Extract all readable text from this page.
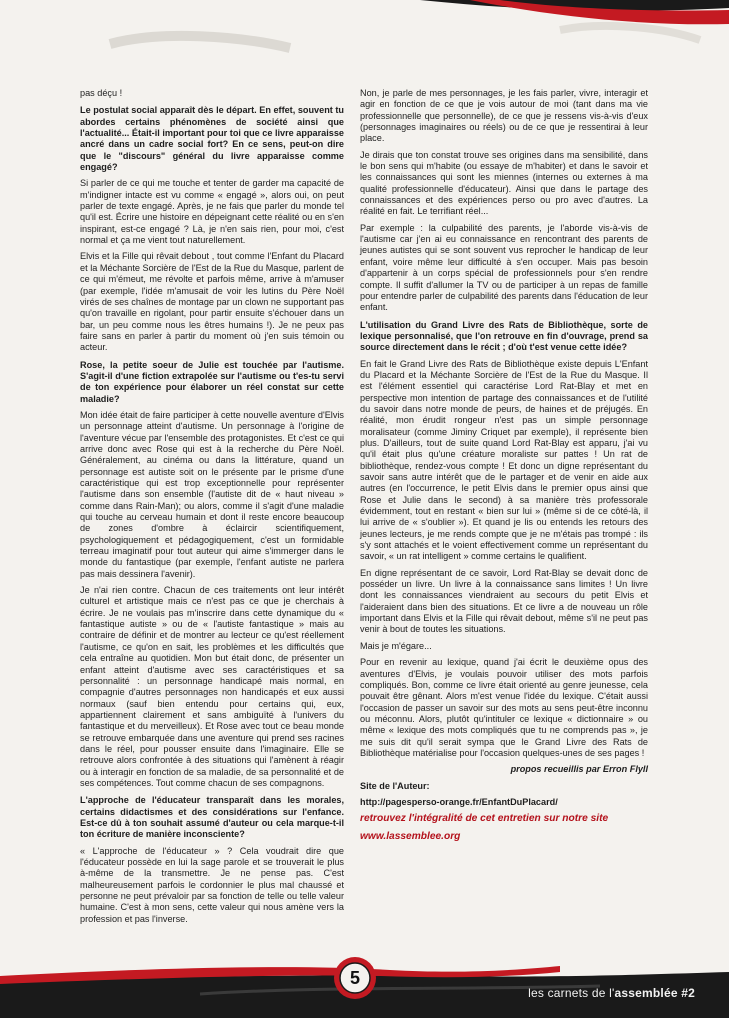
pas déçu !

Le postulat social apparaît dès le départ. En effet, souvent tu abordes certains phénomènes de société ainsi que l'actualité... Était-il important pour toi que ce livre apparaisse ancré dans un cadre social fort? En ce sens, peut-on dire que le "discours" général du livre apparaisse comme engagé?

Si parler de ce qui me touche et tenter de garder ma capacité de m'indigner intacte est vu comme « engagé », alors oui, on peut parler de texte engagé. Après, je ne fais que parler du monde tel qu'il est. Écrire une histoire en dépeignant cette réalité ou en s'en inspirant, est-ce engagé ? Là, je n'en sais rien, pour moi, c'est normal et ça me vient tout naturellement.

Elvis et la Fille qui rêvait debout , tout comme l'Enfant du Placard et la Méchante Sorcière de l'Est de la Rue du Masque, parlent de ce qui m'émeut, me révolte et parfois même, arrive à m'amuser (par exemple, l'idée m'amusait de voir les lutins du Père Noël virés de ses chaînes de montage par un clown ne supportant pas qu'on travaille en rigolant, pour partir ensuite s'échouer dans un bar, un peu comme nous les êtres humains !). Je ne peux pas faire sans en parler à partir du moment où j'en suis témoin ou acteur.

Rose, la petite soeur de Julie est touchée par l'autisme. S'agit-il d'une fiction extrapolée sur l'autisme ou t'es-tu servi de ton expérience pour élaborer un réel constat sur cette maladie?

Mon idée était de faire participer à cette nouvelle aventure d'Elvis un personnage atteint d'autisme. Un personnage à l'origine de l'aventure vécue par l'ensemble des protagonistes. Et c'est ce qui arrive donc avec Rose qui est à la recherche du Père Noël. Généralement, au cinéma ou dans la littérature, quand un personnage est autiste soit on le présente par le prisme d'une caractéristique qui est trop exceptionnelle pour représenter l'autisme dans son ensemble (l'autiste dit de « haut niveau » comme dans Rain-Man); ou alors, comme il s'agit d'une maladie qui touche au cerveau humain et dont il reste encore beaucoup de zones d'ombre à éclaircir scientifiquement, psychologiquement et pédagogiquement, c'est un formidable terreau imaginatif pour tout auteur qui aime s'immerger dans le monde du fantastique (par exemple, l'enfant autiste ne parlera pas mais dessinera l'avenir).

Je n'ai rien contre. Chacun de ces traitements ont leur intérêt culturel et artistique mais ce n'est pas ce que je cherchais à écrire. Je ne voulais pas m'inscrire dans cette dynamique du « fantastique autiste » ou de « l'autiste fantastique » mais au contraire de définir et de montrer au lecteur ce qu'est réellement l'autisme, ce qu'on en sait, les problèmes et les difficultés que cela entraîne au quotidien. Mon but était donc, de présenter un enfant atteint d'autisme avec ses caractéristiques et sa personnalité : un personnage handicapé mais normal, en compagnie d'autres personnages non handicapés et eux aussi normaux (sauf bien entendu pour certains qui, eux, appartiennent clairement et sans ambiguïté à l'univers du fantastique et du merveilleux). Et Rose avec tout ce beau monde se retrouve embarquée dans une aventure qui prend ses racines dans le réel, pour pousser ensuite dans l'imaginaire. Elle se retrouve alors confrontée à des situations qui l'amènent à réagir ou à interagir en fonction de sa maladie, de sa personnalité et de ses compétences. Tout comme chacun de ses compagnons.

L'approche de l'éducateur transparaît dans les morales, certains didactismes et des considérations sur l'enfance. Est-ce dû à ton souhait assumé d'auteur ou cela marque-t-il ton écriture de manière inconsciente?

« L'approche de l'éducateur » ? Cela voudrait dire que l'éducateur possède en lui la sage parole et se trouverait le plus à-même de la transmettre. Je ne pense pas. C'est malheureusement parfois le cordonnier le plus mal chaussé et personne ne peut prévaloir par sa fonction de telle ou telle valeur humaine. C'est à mon sens, cette valeur qui nous amène vers la profession et pas l'inverse.

Non, je parle de mes personnages, je les fais parler, vivre, interagir et agir en fonction de ce que je vois autour de moi (tant dans ma vie professionnelle que personnelle), de ce que je ressens vis-à-vis d'eux (personnages imaginaires ou réels) ou de ce que je ressentirai à leur place.

Je dirais que ton constat trouve ses origines dans ma sensibilité, dans le bon sens qui m'habite (ou essaye de m'habiter) et dans le savoir et les connaissances qui sont les miennes (internes ou externes à ma qualité professionnelle d'éducateur). Ainsi que dans le partage des connaissances et des expériences perso ou pro avec d'autres. La réalité en fait. Le terrifiant réel...

Par exemple : la culpabilité des parents, je l'aborde vis-à-vis de l'autisme car j'en ai eu connaissance en rencontrant des parents de jeunes autistes qui se sont souvent vus reprocher le handicap de leur enfant, voire même leur difficulté à s'en occuper. Mais pas besoin d'appartenir à un corps spécial de professionnels pour s'en rendre compte. Il suffit d'allumer la TV ou de participer à un repas de famille pour entendre parler de culpabilité des parents dans l'éducation de leur enfant.

L'utilisation du Grand Livre des Rats de Bibliothèque, sorte de lexique personnalisé, que l'on retrouve en fin d'ouvrage, prend sa source directement dans le récit ; d'où t'est venue cette idée?

En fait le Grand Livre des Rats de Bibliothèque existe depuis L'Enfant du Placard et la Méchante Sorcière de l'Est de la Rue du Masque. Il est l'élément essentiel qui caractérise Lord Rat-Blay et met en perspective mon intention de partage des connaissances et de l'utilité du savoir dans notre monde de peurs, de haines et de préjugés. En réalité, mon érudit rongeur n'est pas un simple personnage moralisateur (comme Jiminy Criquet par exemple), il représente bien plus. D'ailleurs, tout de suite quand Lord Rat-Blay est apparu, j'ai vu qu'il était plus qu'une créature moraliste sur pattes ! Un rat de bibliothèque, rendez-vous compte ! Et donc un digne représentant du savoir sans autre intérêt que de le partager et de venir en aide aux autres (en l'occurrence, le petit Elvis dans le premier opus ainsi que Rose et Julie dans le second) à sa manière très professorale évidemment, tout en restant « bien sur lui » (même si de ce côté-là, il lui arrive de « s'oublier »). Et quand je lis ou entends les retours des jeunes lecteurs, je me rends compte que je ne m'étais pas trompé : ils s'y sont attachés et le voient effectivement comme un représentant du savoir, « un rat intelligent » comme certains le qualifient.

En digne représentant de ce savoir, Lord Rat-Blay se devait donc de posséder un livre. Un livre à la connaissance sans limites ! Un livre dont les connaissances viendraient au secours du petit Elvis et l'aideraient dans bien des situations. Et ce livre a de nouveau un rôle important dans Elvis et la Fille qui rêvait debout, même s'il ne peut pas venir à bout de toutes les situations.

Mais je m'égare...

Pour en revenir au lexique, quand j'ai écrit le deuxième opus des aventures d'Elvis, je voulais pouvoir utiliser des mots parfois compliqués. Bon, comme ce livre était orienté au genre jeunesse, cela pouvait être gênant. Alors m'est venue l'idée du lexique. C'était aussi l'occasion de passer un savoir sur des mots au sens peut-être inconnu ou méconnu. Alors, plutôt qu'intituler ce lexique « dictionnaire » ou même « lexique des mots compliqués que tu ne comprends pas », je me suis dit qu'il serait sympa que le Grand Livre des Rats de Bibliothèque matérialise pour l'occasion quelques-unes de ses pages !

propos recueillis par Erron Flyll

Site de l'Auteur:

http://pagesperso-orange.fr/EnfantDuPlacard/

retrouvez l'intégralité de cet entretien sur notre site

www.lassemblee.org

5
les carnets de l'assemblée #2
